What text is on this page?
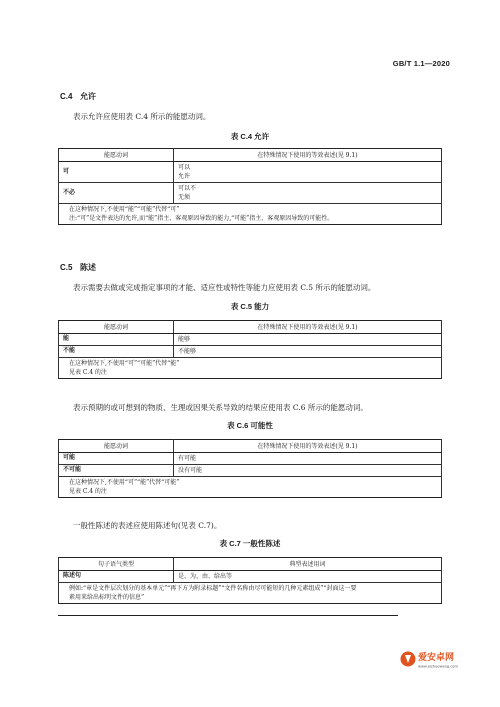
GB/T 1.1—2020
C.4 允许
表示允许应使用表 C.4 所示的能愿动词。
表 C.4 允许
能愿动词	在特殊情况下使用的等效表述(见 9.1)
可	可以
允许

不必	可以不
无须

在这种情况下,不使用“能”“可能”代替“可”
注:“可”是文件表达的允许,而“能”指主、客观原因导致的能力,“可能”指主、客观原因导致的可能性。	
C.5 陈述
表示需要去做或完成指定事项的才能、适应性或特性等能力应使用表 C.5 所示的能愿动词。
表 C.5 能力
能愿动词	在特殊情况下使用的等效表述(见 9.1)
能	能够
不能	不能够

在这种情况下,不使用“可”“可能”代替“能”
见表 C.4 的注	
表示预期的或可想到的物质、生理或因果关系导致的结果应使用表 C.6 所示的能愿动词。
表 C.6 可能性
能愿动词	在特殊情况下使用的等效表述(见 9.1)
可能	有可能
不可能	没有可能

在这种情况下,不使用“可”“能”代替“可能”
见表 C.4 的注	
一般性陈述的表述应使用陈述句(见表 C.7)。
表 C.7 一般性陈述
句子语气类型	典型表述用词
陈述句	是、为、由、给出等

例如:“章是文件层次划分的基本单元”“再下方为附录标题”“文件名称由尽可能短的几种元素组成”“封面这一要
素用来给出标明文件的信息”	
爱安卓网
www.aizhuowang.com
